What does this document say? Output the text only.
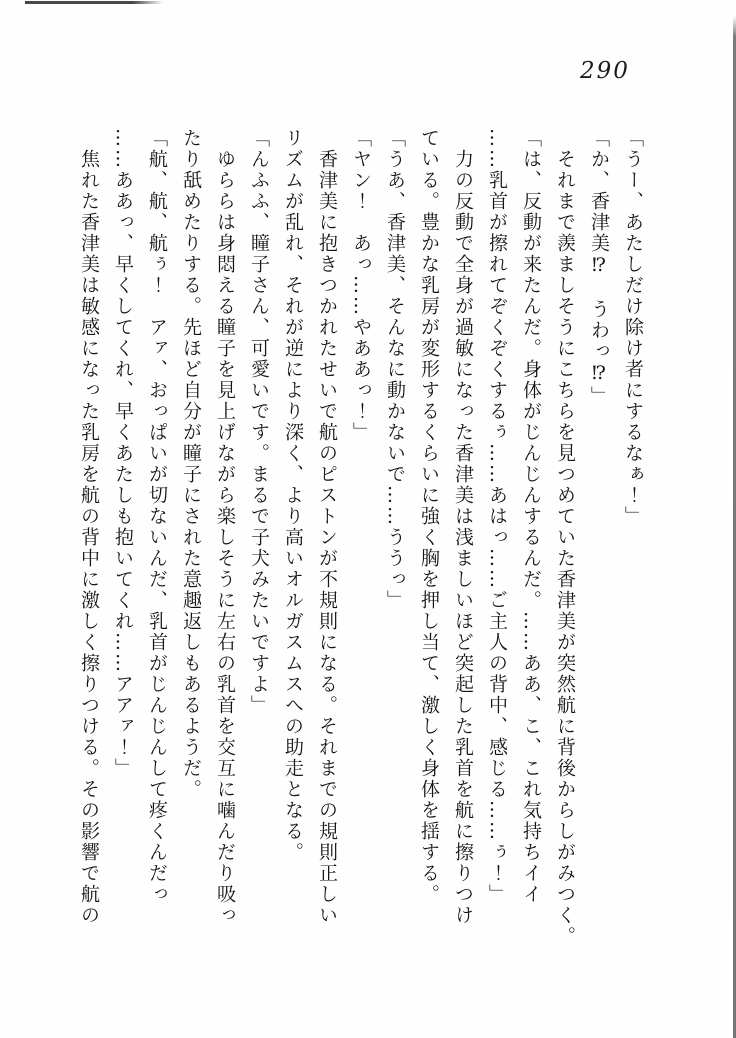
290
「うー、あたしだけ除け者にするなぁ！」
「か、香津美⁉　うわっ⁉」
　それまで羨ましそうにこちらを見つめていた香津美が突然航に背後からしがみつく。
「は、反動が来たんだ。身体がじんじんするんだ。……ああ、こ、これ気持ちイイ
……乳首が擦れてぞくぞくするぅ……あはっ……ご主人の背中、感じる……ぅ！」
　力の反動で全身が過敏になった香津美は浅ましいほど突起した乳首を航に擦りつけ
ている。豊かな乳房が変形するくらいに強く胸を押し当て、激しく身体を揺する。
「うあ、香津美、そんなに動かないで……ううっ」
「ヤン！　あっ……やああっ！」
　香津美に抱きつかれたせいで航のピストンが不規則になる。それまでの規則正しい
リズムが乱れ、それが逆により深く、より高いオルガスムスへの助走となる。
「んふふ、瞳子さん、可愛いです。まるで子犬みたいですよ」
　ゆららは身悶える瞳子を見上げながら楽しそうに左右の乳首を交互に噛んだり吸っ
たり舐めたりする。先ほど自分が瞳子にされた意趣返しもあるようだ。
「航、航、航ぅ！　アァ、おっぱいが切ないんだ、乳首がじんじんして疼くんだっ
……ああっ、早くしてくれ、早くあたしも抱いてくれ……アアァ！」
　焦れた香津美は敏感になった乳房を航の背中に激しく擦りつける。その影響で航の
